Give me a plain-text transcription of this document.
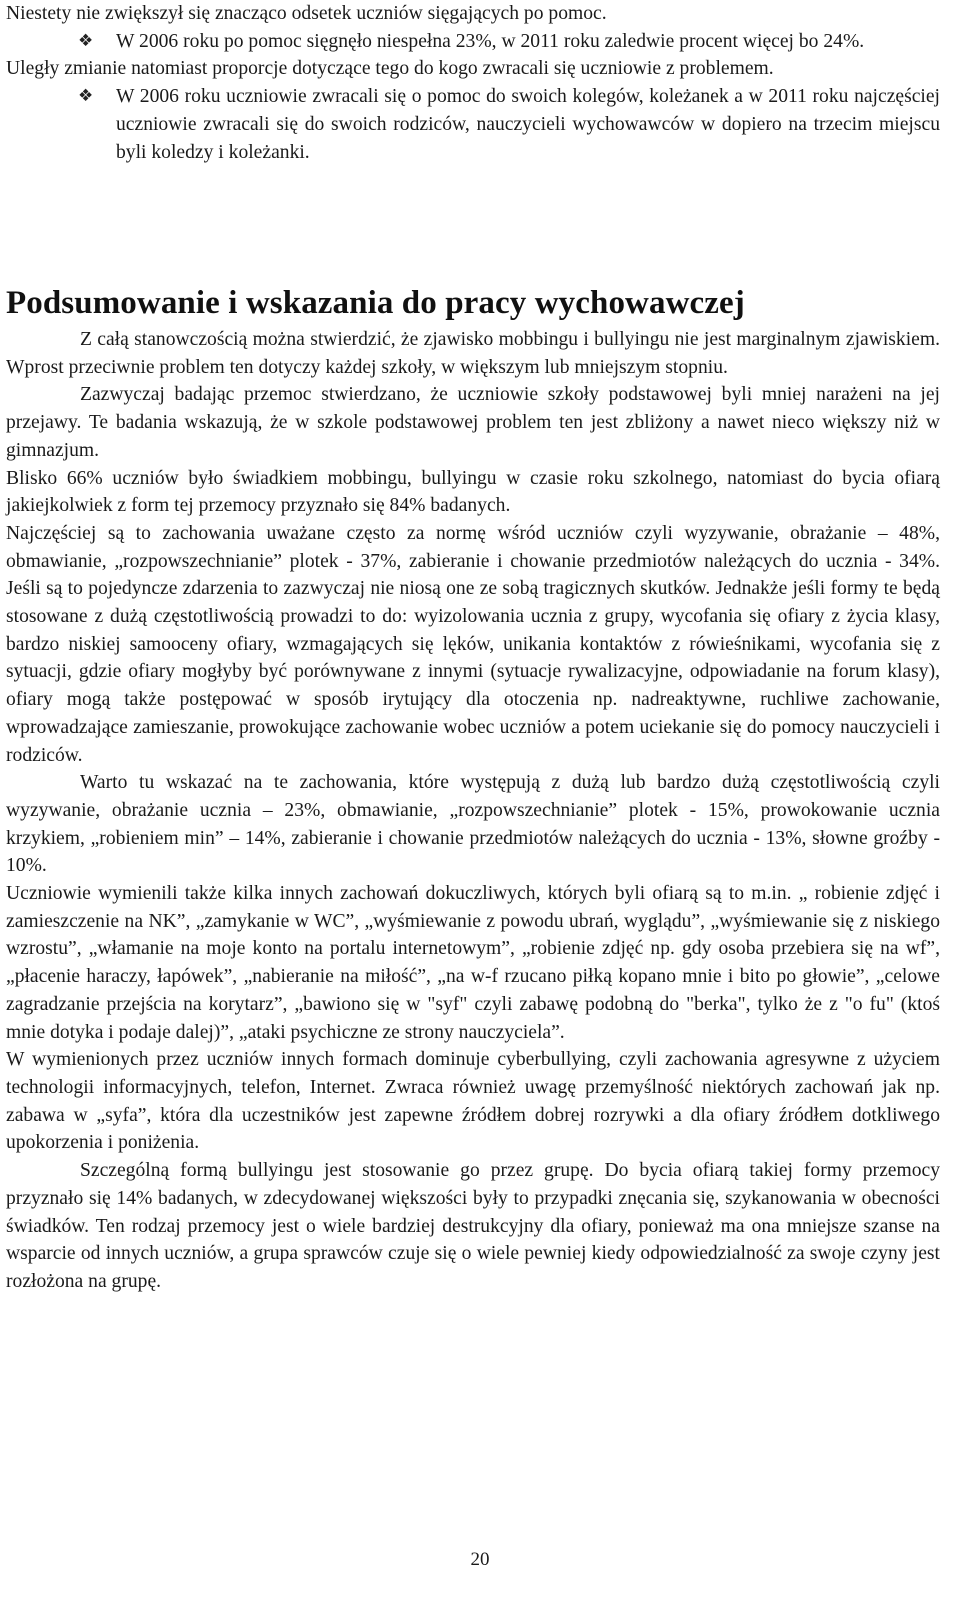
Niestety nie zwiększył się znacząco odsetek uczniów sięgających po pomoc.

❖ W 2006 roku po pomoc sięgnęło niespełna 23%, w 2011 roku zaledwie procent więcej bo 24%.

Uległy zmianie natomiast proporcje dotyczące tego do kogo zwracali się uczniowie z problemem.

❖ W 2006 roku uczniowie zwracali się o pomoc do swoich kolegów, koleżanek a w 2011 roku najczęściej uczniowie zwracali się do swoich rodziców, nauczycieli wychowawców w dopiero na trzecim miejscu byli koledzy i koleżanki.

Podsumowanie i wskazania do pracy wychowawczej

Z całą stanowczością można stwierdzić, że zjawisko mobbingu i bullyingu nie jest marginalnym zjawiskiem. Wprost przeciwnie problem ten dotyczy każdej szkoły, w większym lub mniejszym stopniu.

Zazwyczaj badając przemoc stwierdzano, że uczniowie szkoły podstawowej byli mniej narażeni na jej przejawy. Te badania wskazują, że w szkole podstawowej problem ten jest zbliżony a nawet nieco większy niż w gimnazjum.

Blisko 66% uczniów było świadkiem mobbingu, bullyingu w czasie roku szkolnego, natomiast do bycia ofiarą jakiejkolwiek z form tej przemocy przyznało się 84% badanych.

Najczęściej są to zachowania uważane często za normę wśród uczniów czyli wyzywanie, obrażanie – 48%, obmawianie, „rozpowszechnianie” plotek - 37%, zabieranie i chowanie przedmiotów należących do ucznia - 34%. Jeśli są to pojedyncze zdarzenia to zazwyczaj nie niosą one ze sobą tragicznych skutków. Jednakże jeśli formy te będą stosowane z dużą częstotliwością prowadzi to do: wyizolowania ucznia z grupy, wycofania się ofiary z życia klasy, bardzo niskiej samooceny ofiary, wzmagających się lęków, unikania kontaktów z rówieśnikami, wycofania się z sytuacji, gdzie ofiary mogłyby być porównywane z innymi (sytuacje rywalizacyjne, odpowiadanie na forum klasy), ofiary mogą także postępować w sposób irytujący dla otoczenia np. nadreaktywne, ruchliwe zachowanie, wprowadzające zamieszanie, prowokujące zachowanie wobec uczniów a potem uciekanie się do pomocy nauczycieli i rodziców.

Warto tu wskazać na te zachowania, które występują z dużą lub bardzo dużą częstotliwością czyli wyzywanie, obrażanie ucznia – 23%, obmawianie, „rozpowszechnianie” plotek - 15%, prowokowanie ucznia krzykiem, „robieniem min” – 14%, zabieranie i chowanie przedmiotów należących do ucznia - 13%, słowne groźby - 10%.

Uczniowie wymienili także kilka innych zachowań dokuczliwych, których byli ofiarą są to m.in. „ robienie zdjęć i zamieszczenie na NK”, „zamykanie w WC”, „wyśmiewanie z powodu ubrań, wyglądu”, „wyśmiewanie się z niskiego wzrostu”, „włamanie na moje konto na portalu internetowym”, „robienie zdjęć np. gdy osoba przebiera się na wf”, „płacenie haraczy, łapówek”, „nabieranie na miłość”, „na w-f rzucano piłką kopano mnie i bito po głowie”, „celowe zagradzanie przejścia na korytarz”, „bawiono się w "syf" czyli zabawę podobną do "berka", tylko że z "o fu" (ktoś mnie dotyka i podaje dalej)”, „ataki psychiczne ze strony nauczyciela”.

W wymienionych przez uczniów innych formach dominuje cyberbullying, czyli zachowania agresywne z użyciem technologii informacyjnych, telefon, Internet. Zwraca również uwagę przemyślność niektórych zachowań jak np. zabawa w „syfa”, która dla uczestników jest zapewne źródłem dobrej rozrywki a dla ofiary źródłem dotkliwego upokorzenia i poniżenia.

Szczególną formą bullyingu jest stosowanie go przez grupę. Do bycia ofiarą takiej formy przemocy przyznało się 14% badanych, w zdecydowanej większości były to przypadki znęcania się, szykanowania w obecności świadków. Ten rodzaj przemocy jest o wiele bardziej destrukcyjny dla ofiary, ponieważ ma ona mniejsze szanse na wsparcie od innych uczniów, a grupa sprawców czuje się o wiele pewniej kiedy odpowiedzialność za swoje czyny jest rozłożona na grupę.

20
